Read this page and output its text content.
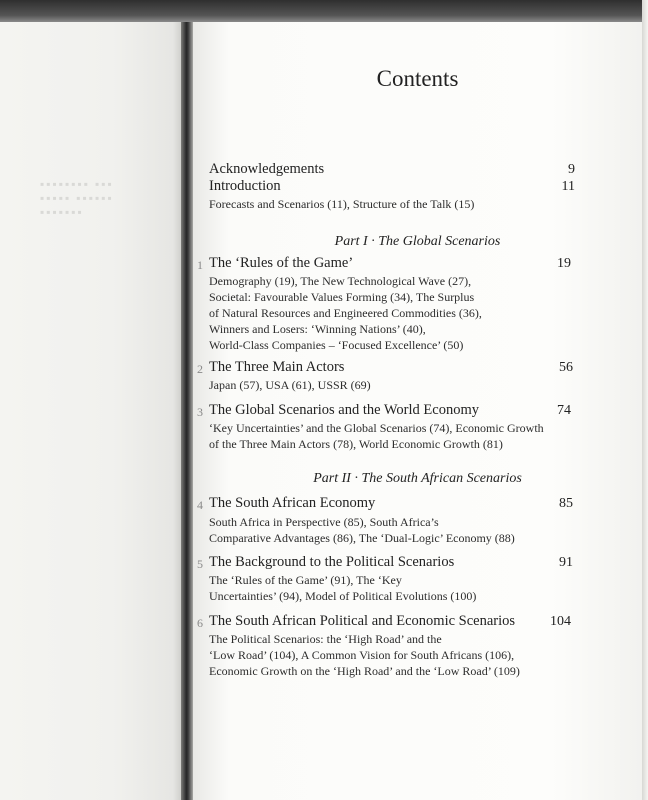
▪▪▪▪▪▪▪▪ ▪▪▪
▪▪▪▪▪ ▪▪▪▪▪▪
▪▪▪▪▪▪▪
Contents
Acknowledgements	9
Introduction	11
Forecasts and Scenarios (11), Structure of the Talk (15)
Part I · The Global Scenarios
1 The ‘Rules of the Game’	19
Demography (19), The New Technological Wave (27),
Societal: Favourable Values Forming (34), The Surplus
of Natural Resources and Engineered Commodities (36),
Winners and Losers: ‘Winning Nations’ (40),
World-Class Companies – ‘Focused Excellence’ (50)
2 The Three Main Actors	56
Japan (57), USA (61), USSR (69)
3 The Global Scenarios and the World Economy	74
‘Key Uncertainties’ and the Global Scenarios (74), Economic Growth
of the Three Main Actors (78), World Economic Growth (81)
Part II · The South African Scenarios
4 The South African Economy	85
South Africa in Perspective (85), South Africa’s
Comparative Advantages (86), The ‘Dual-Logic’ Economy (88)
5 The Background to the Political Scenarios	91
The ‘Rules of the Game’ (91), The ‘Key
Uncertainties’ (94), Model of Political Evolutions (100)
6 The South African Political and Economic Scenarios	104
The Political Scenarios: the ‘High Road’ and the
‘Low Road’ (104), A Common Vision for South Africans (106),
Economic Growth on the ‘High Road’ and the ‘Low Road’ (109)
